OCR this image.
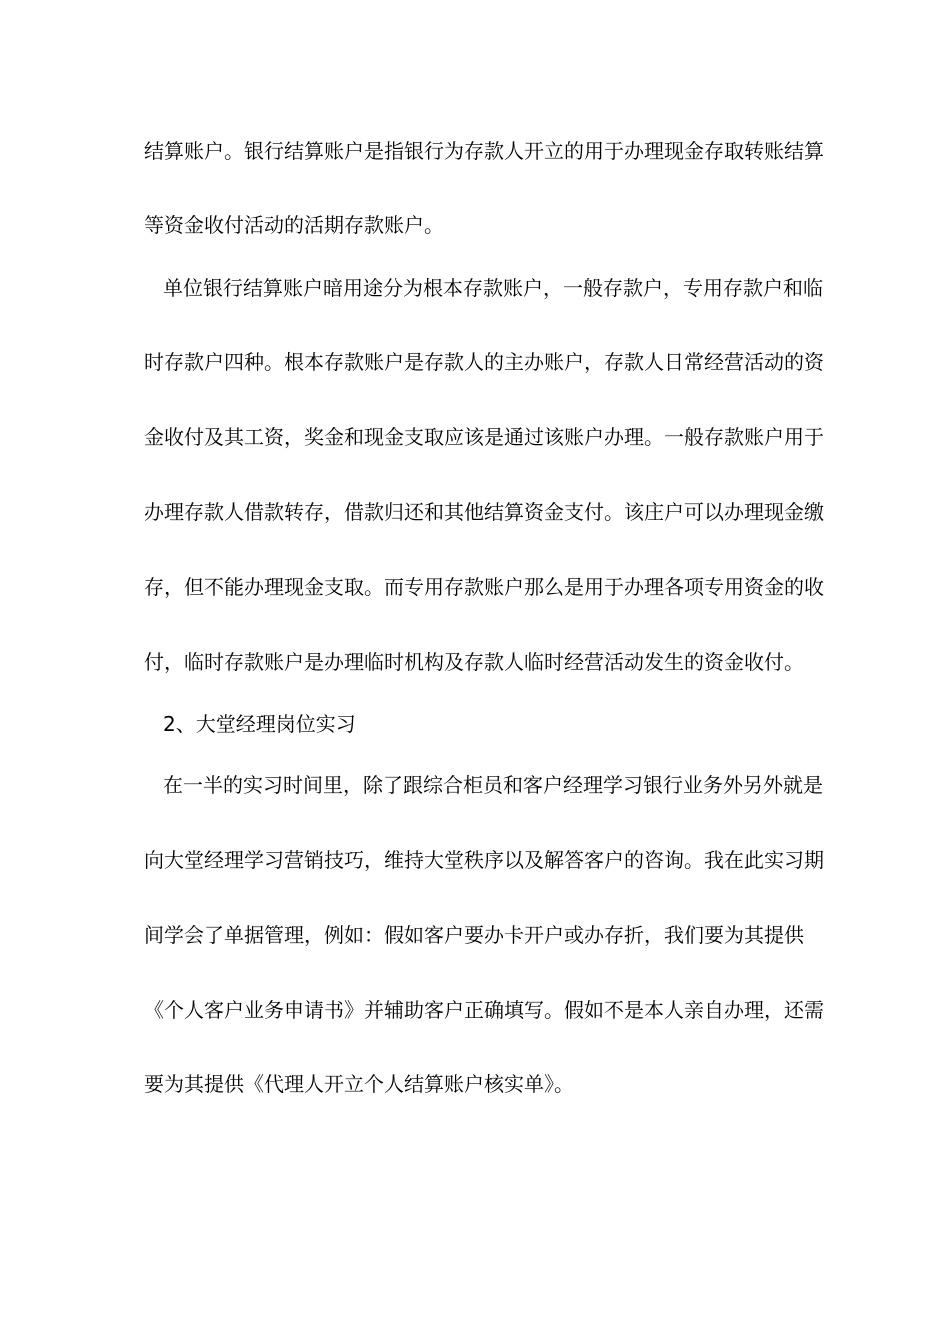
结算账户。银行结算账户是指银行为存款人开立的用于办理现金存取转账结算
等资金收付活动的活期存款账户。
单位银行结算账户暗用途分为根本存款账户，一般存款户，专用存款户和临
时存款户四种。根本存款账户是存款人的主办账户，存款人日常经营活动的资
金收付及其工资，奖金和现金支取应该是通过该账户办理。一般存款账户用于
办理存款人借款转存，借款归还和其他结算资金支付。该庄户可以办理现金缴
存，但不能办理现金支取。而专用存款账户那么是用于办理各项专用资金的收
付，临时存款账户是办理临时机构及存款人临时经营活动发生的资金收付。
2、大堂经理岗位实习
在一半的实习时间里，除了跟综合柜员和客户经理学习银行业务外另外就是
向大堂经理学习营销技巧，维持大堂秩序以及解答客户的咨询。我在此实习期
间学会了单据管理，例如：假如客户要办卡开户或办存折，我们要为其提供
《个人客户业务申请书》并辅助客户正确填写。假如不是本人亲自办理，还需
要为其提供《代理人开立个人结算账户核实单》。
